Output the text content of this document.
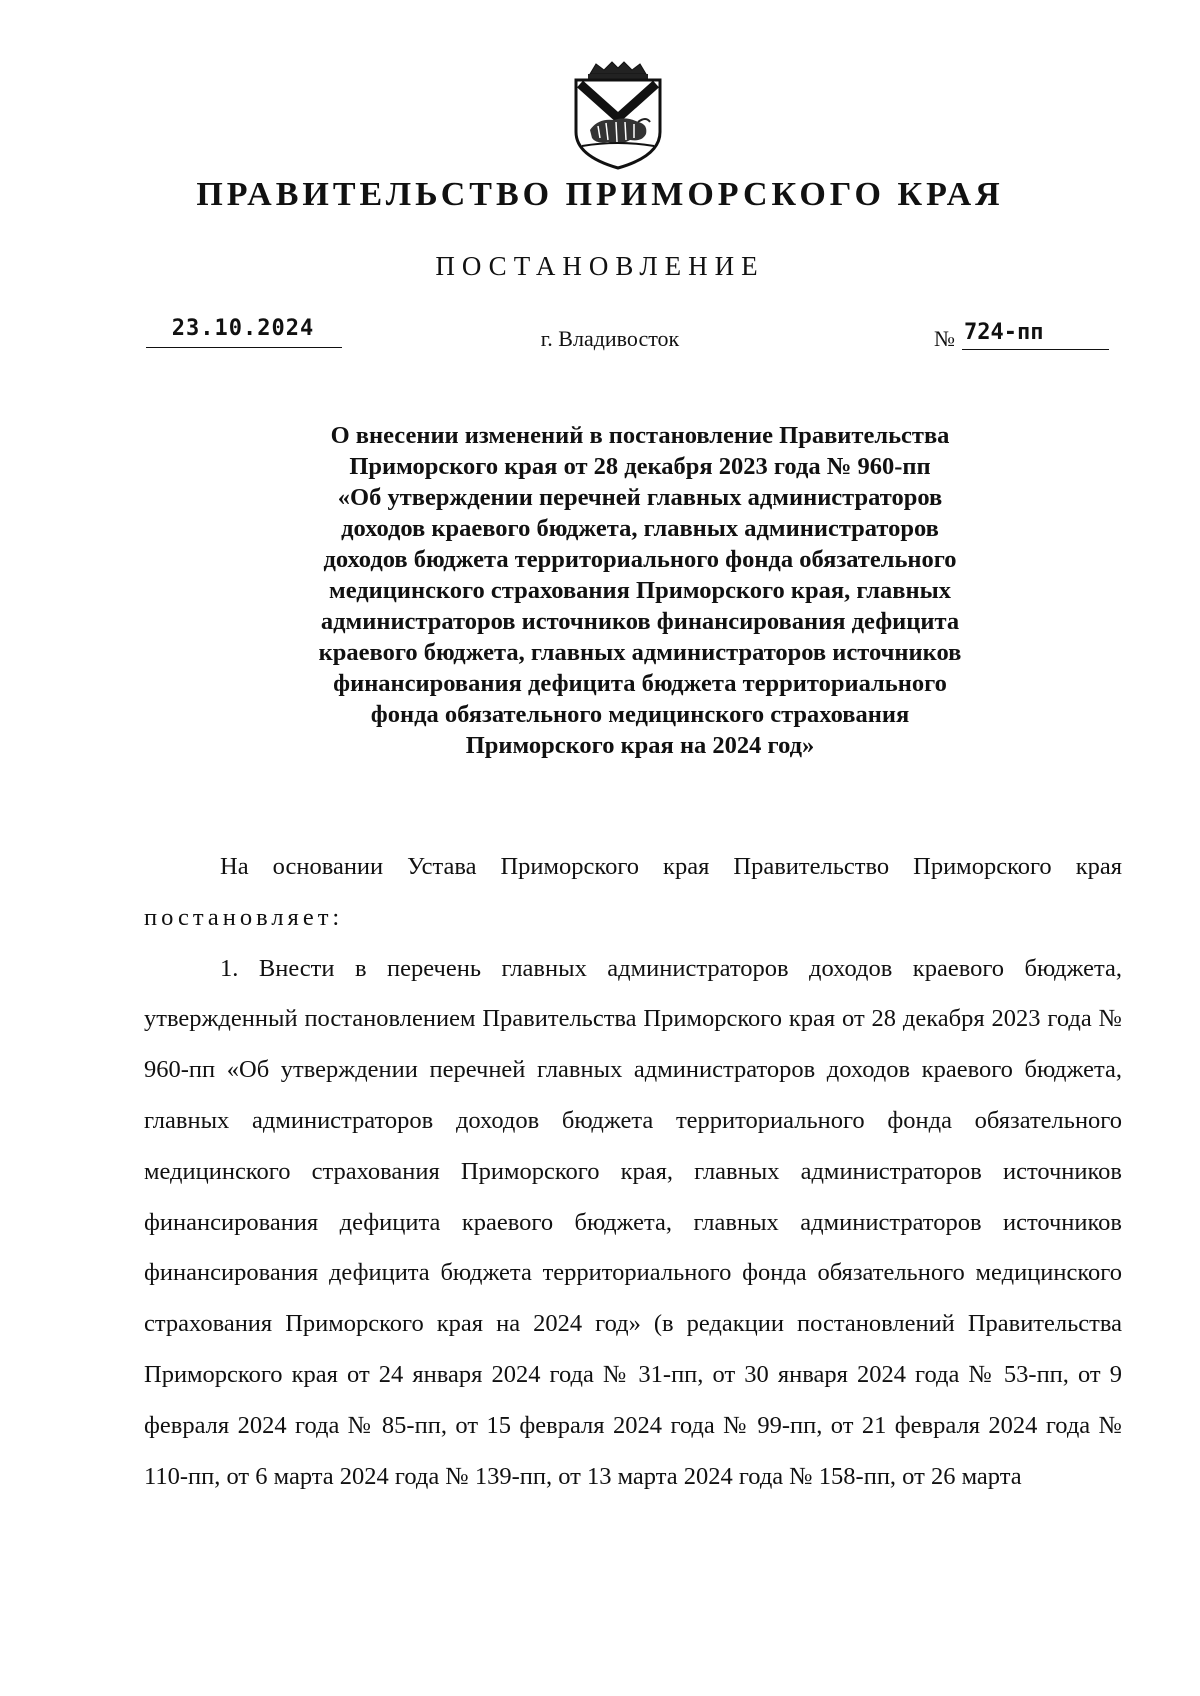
ПРАВИТЕЛЬСТВО ПРИМОРСКОГО КРАЯ
ПОСТАНОВЛЕНИЕ
23.10.2024	г. Владивосток	№ 724-пп
О внесении изменений в постановление Правительства
Приморского края от 28 декабря 2023 года № 960-пп
«Об утверждении перечней главных администраторов
доходов краевого бюджета, главных администраторов
доходов бюджета территориального фонда обязательного
медицинского страхования Приморского края, главных
администраторов источников финансирования дефицита
краевого бюджета, главных администраторов источников
финансирования дефицита бюджета территориального
фонда обязательного медицинского страхования
Приморского края на 2024 год»

На основании Устава Приморского края Правительство Приморского края постановляет:

1. Внести в перечень главных администраторов доходов краевого бюджета, утвержденный постановлением Правительства Приморского края от 28 декабря 2023 года № 960-пп «Об утверждении перечней главных администраторов доходов краевого бюджета, главных администраторов доходов бюджета территориального фонда обязательного медицинского страхования Приморского края, главных администраторов источников финансирования дефицита краевого бюджета, главных администраторов источников финансирования дефицита бюджета территориального фонда обязательного медицинского страхования Приморского края на 2024 год» (в редакции постановлений Правительства Приморского края от 24 января 2024 года № 31-пп, от 30 января 2024 года № 53-пп, от 9 февраля 2024 года № 85-пп, от 15 февраля 2024 года № 99-пп, от 21 февраля 2024 года № 110-пп, от 6 марта 2024 года № 139-пп, от 13 марта 2024 года № 158-пп, от 26 марта
